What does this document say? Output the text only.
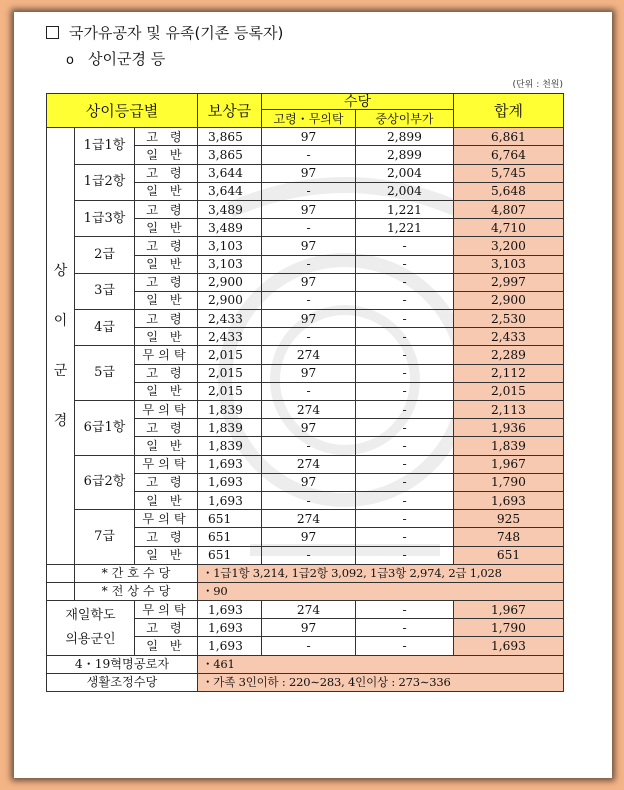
국가유공자 및 유족(기존 등록자)
o 상이군경 등
(단위 : 천원)
상이등급별			보상금	수당		합계
				고령・무의탁	중상이부가	

상
이
군
경	1급1항	고 령	3,865	97	2,899	6,861
		일 반	3,865	-	2,899	6,764
	1급2항	고 령	3,644	97	2,004	5,745
		일 반	3,644	-	2,004	5,648
	1급3항	고 령	3,489	97	1,221	4,807
		일 반	3,489	-	1,221	4,710
	2급	고 령	3,103	97	-	3,200
		일 반	3,103	-	-	3,103
	3급	고 령	2,900	97	-	2,997
		일 반	2,900	-	-	2,900
	4급	고 령	2,433	97	-	2,530
		일 반	2,433	-	-	2,433
	5급	무의탁	2,015	274	-	2,289
		고 령	2,015	97	-	2,112
		일 반	2,015	-	-	2,015
	6급1항	무의탁	1,839	274	-	2,113
		고 령	1,839	97	-	1,936
		일 반	1,839	-	-	1,839
	6급2항	무의탁	1,693	274	-	1,967
		고 령	1,693	97	-	1,790
		일 반	1,693	-	-	1,693
	7급	무의탁	651	274	-	925
		고 령	651	97	-	748
		일 반	651	-	-	651
	* 간 호 수 당		・1급1항 3,214, 1급2항 3,092, 1급3항 2,974, 2급 1,028			
	* 전 상 수 당		・90			

재일학도
의용군인		무의탁	1,693	274	-	1,967
		고 령	1,693	97	-	1,790
		일 반	1,693	-	-	1,693
4・19혁명공로자			・461			
생활조정수당			・가족 3인이하 : 220∼283, 4인이상 : 273∼336			
